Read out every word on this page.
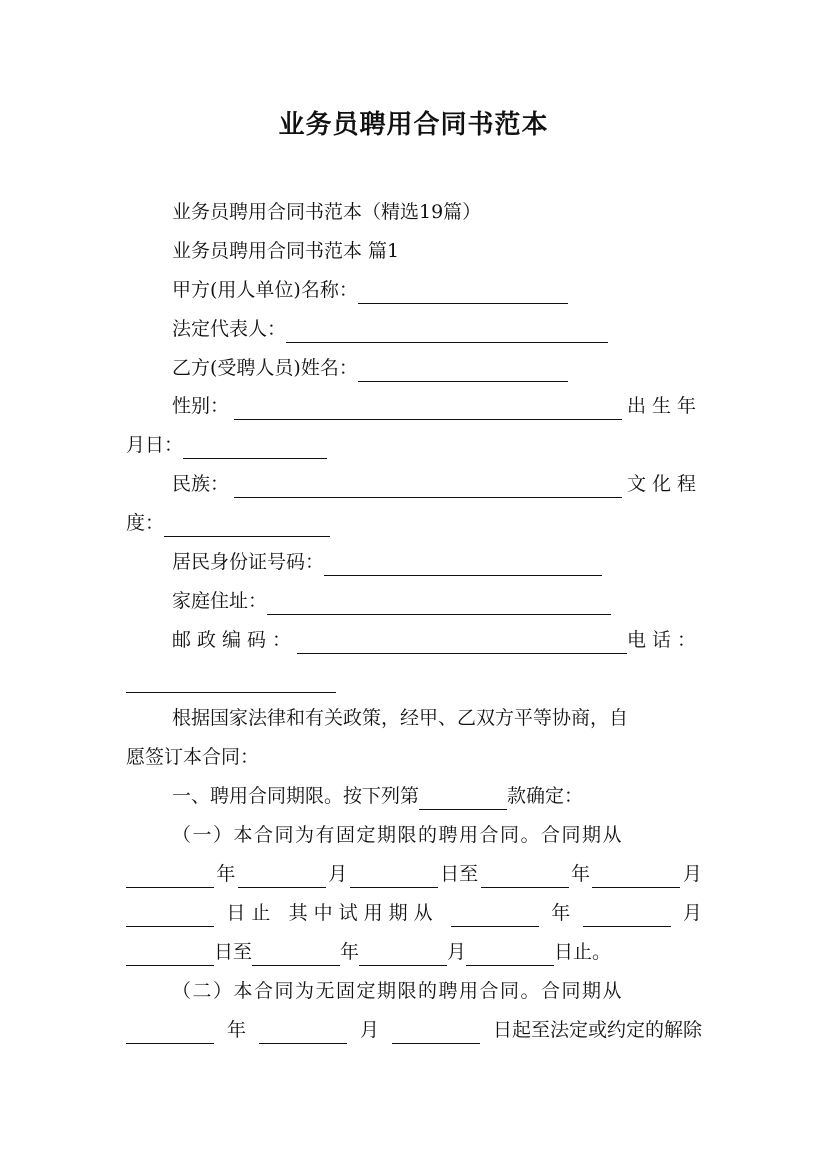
业务员聘用合同书范本
业务员聘用合同书范本（精选19篇）
业务员聘用合同书范本 篇1
甲方(用人单位)名称：
法定代表人：
乙方(受聘人员)姓名：
性别：	出生年
月日：
民族：	文化程
度：
居民身份证号码：
家庭住址：
邮政编码：	电话：
根据国家法律和有关政策，经甲、乙双方平等协商，自
愿签订本合同：
一、聘用合同期限。按下列第	款确定：
（一）本合同为有固定期限的聘用合同。合同期从
年	月	日至	年	月
日止 其中试用期从	年	月
日至	年	月	日止。
（二）本合同为无固定期限的聘用合同。合同期从
年	月	日起至法定或约定的解除
